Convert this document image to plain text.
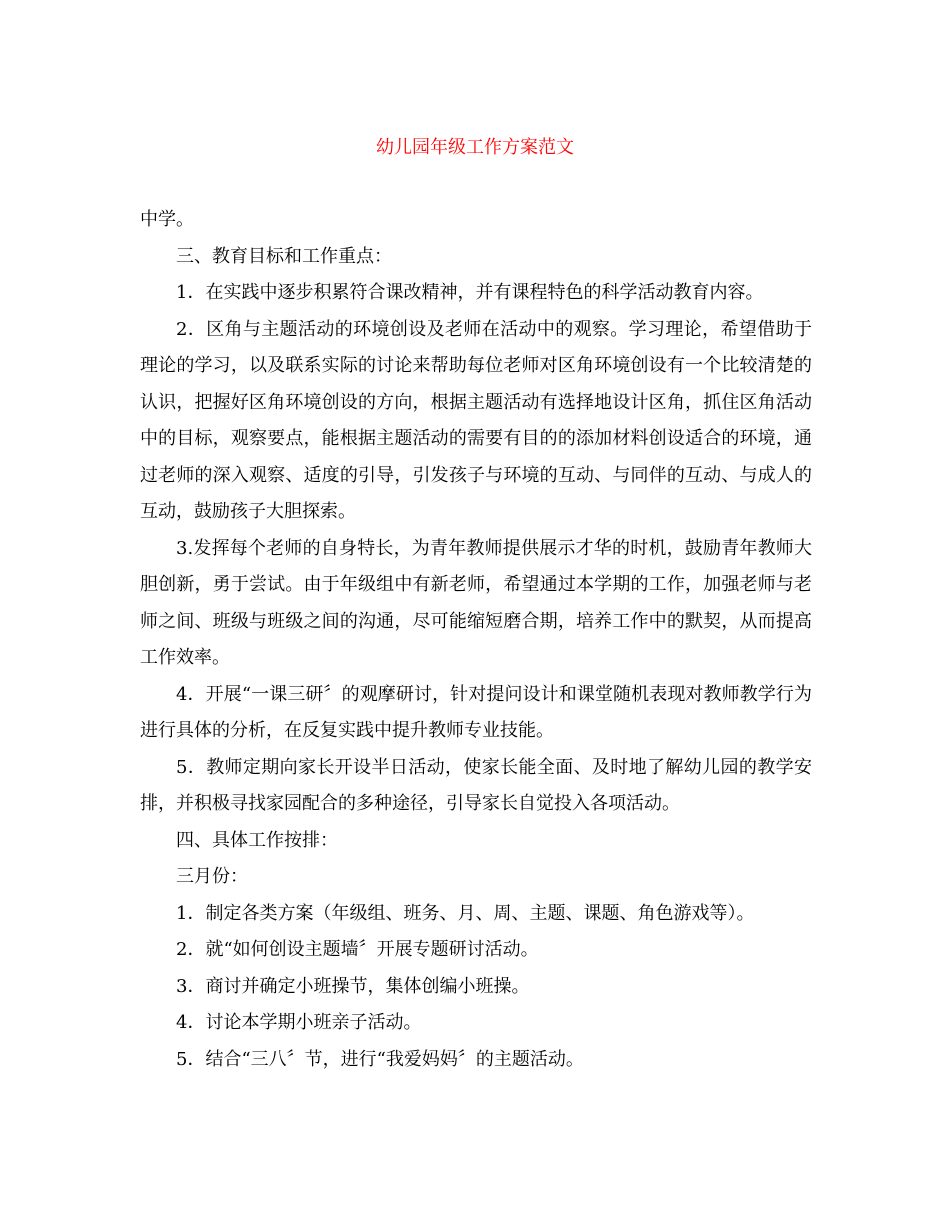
幼儿园年级工作方案范文

中学。

三、教育目标和工作重点：

1．在实践中逐步积累符合课改精神，并有课程特色的科学活动教育内容。

2．区角与主题活动的环境创设及老师在活动中的观察。学习理论，希望借助于理论的学习，以及联系实际的讨论来帮助每位老师对区角环境创设有一个比较清楚的认识，把握好区角环境创设的方向，根据主题活动有选择地设计区角，抓住区角活动中的目标，观察要点，能根据主题活动的需要有目的的添加材料创设适合的环境，通过老师的深入观察、适度的引导，引发孩子与环境的互动、与同伴的互动、与成人的互动，鼓励孩子大胆探索。

3.发挥每个老师的自身特长，为青年教师提供展示才华的时机，鼓励青年教师大胆创新，勇于尝试。由于年级组中有新老师，希望通过本学期的工作，加强老师与老师之间、班级与班级之间的沟通，尽可能缩短磨合期，培养工作中的默契，从而提高工作效率。

4．开展“一课三研〞的观摩研讨，针对提问设计和课堂随机表现对教师教学行为进行具体的分析，在反复实践中提升教师专业技能。

5．教师定期向家长开设半日活动，使家长能全面、及时地了解幼儿园的教学安排，并积极寻找家园配合的多种途径，引导家长自觉投入各项活动。

四、具体工作按排：

三月份：

1．制定各类方案（年级组、班务、月、周、主题、课题、角色游戏等）。

2．就“如何创设主题墙〞开展专题研讨活动。

3．商讨并确定小班操节，集体创编小班操。

4．讨论本学期小班亲子活动。

5．结合“三八〞节，进行“我爱妈妈〞的主题活动。
